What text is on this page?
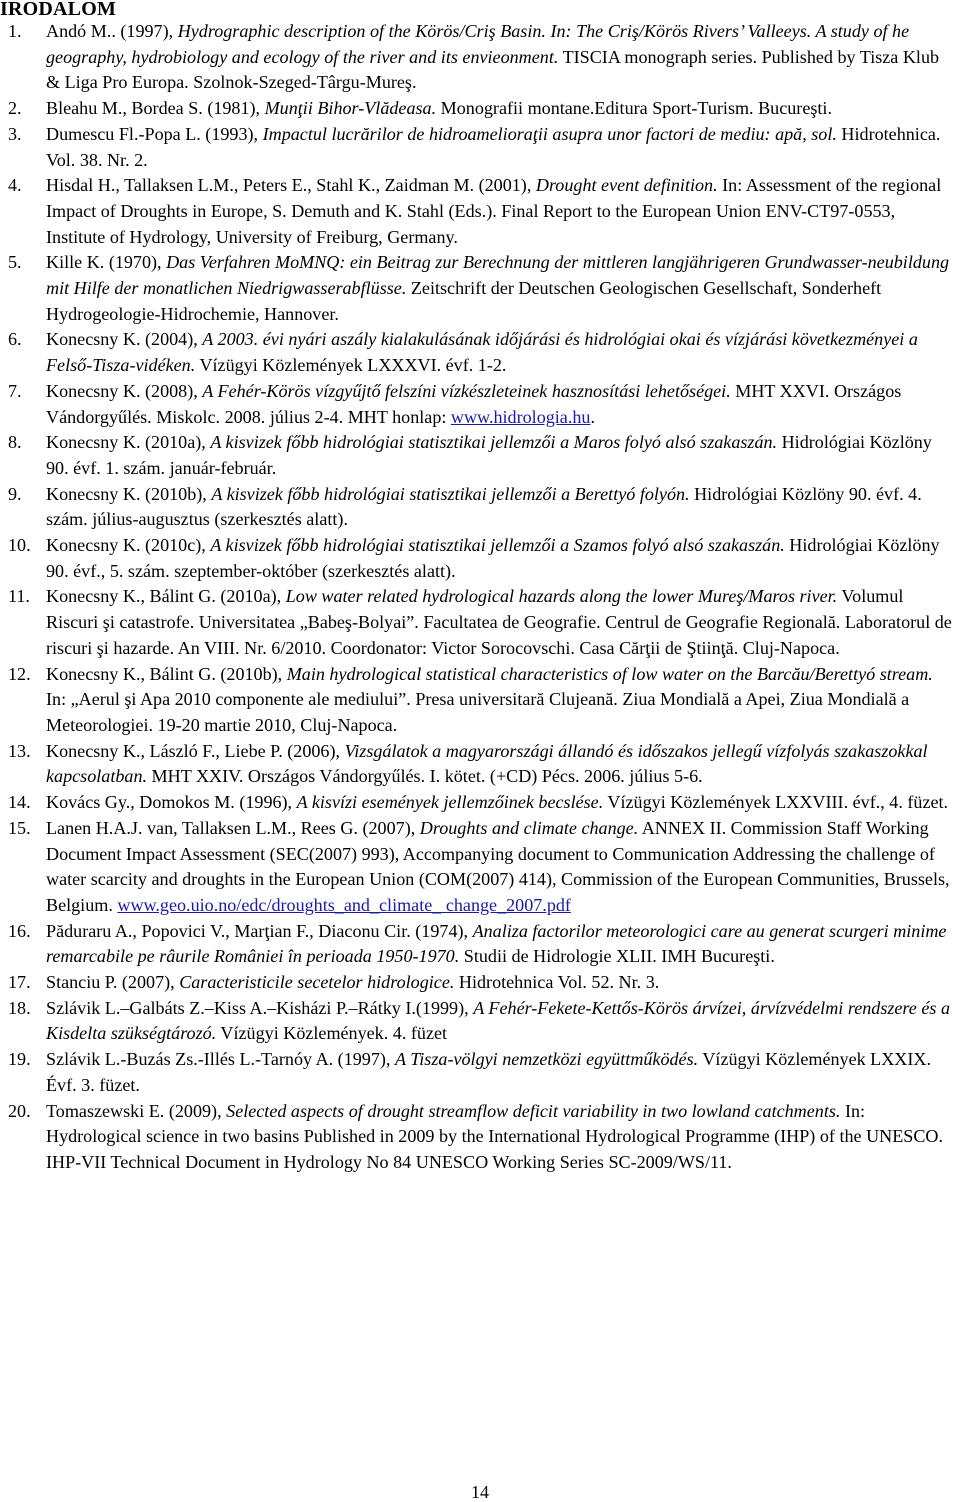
IRODALOM
1. Andó M.. (1997), Hydrographic description of the Körös/Criş Basin. In: The Criş/Körös Rivers’ Valleeys. A study of he geography, hydrobiology and ecology of the river and its envieonment. TISCIA monograph series. Published by Tisza Klub & Liga Pro Europa. Szolnok-Szeged-Târgu-Mureş.
2. Bleahu M., Bordea S. (1981), Munţii Bihor-Vlădeasa. Monografii montane.Editura Sport-Turism. Bucureşti.
3. Dumescu Fl.-Popa L. (1993), Impactul lucrărilor de hidroamelioraţii asupra unor factori de mediu: apă, sol. Hidrotehnica. Vol. 38. Nr. 2.
4. Hisdal H., Tallaksen L.M., Peters E., Stahl K., Zaidman M. (2001), Drought event definition. In: Assessment of the regional Impact of Droughts in Europe, S. Demuth and K. Stahl (Eds.). Final Report to the European Union ENV-CT97-0553, Institute of Hydrology, University of Freiburg, Germany.
5. Kille K. (1970), Das Verfahren MoMNQ: ein Beitrag zur Berechnung der mittleren langjährigeren Grundwasser-neubildung mit Hilfe der monatlichen Niedrigwasserabflüsse. Zeitschrift der Deutschen Geologischen Gesellschaft, Sonderheft Hydrogeologie-Hidrochemie, Hannover.
6. Konecsny K. (2004), A 2003. évi nyári aszály kialakulásának időjárási és hidrológiai okai és vízjárási következményei a Felső-Tisza-vidéken. Vízügyi Közlemények LXXXVI. évf. 1-2.
7. Konecsny K. (2008), A Fehér-Körös vízgyűjtő felszíni vízkészleteinek hasznosítási lehetőségei. MHT XXVI. Országos Vándorgyűlés. Miskolc. 2008. július 2-4. MHT honlap: www.hidrologia.hu.
8. Konecsny K. (2010a), A kisvizek főbb hidrológiai statisztikai jellemzői a Maros folyó alsó szakaszán. Hidrológiai Közlöny 90. évf. 1. szám. január-február.
9. Konecsny K. (2010b), A kisvizek főbb hidrológiai statisztikai jellemzői a Berettyó folyón. Hidrológiai Közlöny 90. évf. 4. szám. július-augusztus (szerkesztés alatt).
10. Konecsny K. (2010c), A kisvizek főbb hidrológiai statisztikai jellemzői a Szamos folyó alsó szakaszán. Hidrológiai Közlöny 90. évf., 5. szám. szeptember-október (szerkesztés alatt).
11. Konecsny K., Bálint G. (2010a), Low water related hydrological hazards along the lower Mureş/Maros river. Volumul Riscuri şi catastrofe. Universitatea „Babeş-Bolyai”. Facultatea de Geografie. Centrul de Geografie Regională. Laboratorul de riscuri şi hazarde. An VIII. Nr. 6/2010. Coordonator: Victor Sorocovschi. Casa Cărţii de Ştiinţă. Cluj-Napoca.
12. Konecsny K., Bálint G. (2010b), Main hydrological statistical characteristics of low water on the Barcău/Berettyó stream. In: „Aerul şi Apa 2010 componente ale mediului”. Presa universitară Clujeană. Ziua Mondială a Apei, Ziua Mondială a Meteorologiei. 19-20 martie 2010, Cluj-Napoca.
13. Konecsny K., László F., Liebe P. (2006), Vizsgálatok a magyarországi állandó és időszakos jellegű vízfolyás szakaszokkal kapcsolatban. MHT XXIV. Országos Vándorgyűlés. I. kötet. (+CD) Pécs. 2006. július 5-6.
14. Kovács Gy., Domokos M. (1996), A kisvízi események jellemzőinek becslése. Vízügyi Közlemények LXXVIII. évf., 4. füzet.
15. Lanen H.A.J. van, Tallaksen L.M., Rees G. (2007), Droughts and climate change. ANNEX II. Commission Staff Working Document Impact Assessment (SEC(2007) 993), Accompanying document to Communication Addressing the challenge of water scarcity and droughts in the European Union (COM(2007) 414), Commission of the European Communities, Brussels, Belgium. www.geo.uio.no/edc/droughts_and_climate_ change_2007.pdf
16. Păduraru A., Popovici V., Marţian F., Diaconu Cir. (1974), Analiza factorilor meteorologici care au generat scurgeri minime remarcabile pe râurile României în perioada 1950-1970. Studii de Hidrologie XLII. IMH Bucureşti.
17. Stanciu P. (2007), Caracteristicile secetelor hidrologice. Hidrotehnica Vol. 52. Nr. 3.
18. Szlávik L.–Galbáts Z.–Kiss A.–Kisházi P.–Rátky I.(1999), A Fehér-Fekete-Kettős-Körös árvízei, árvízvédelmi rendszere és a Kisdelta szükségtározó. Vízügyi Közlemények. 4. füzet
19. Szlávik L.-Buzás Zs.-Illés L.-Tarnóy A. (1997), A Tisza-völgyi nemzetközi együttműködés. Vízügyi Közlemények LXXIX. Évf. 3. füzet.
20. Tomaszewski E. (2009), Selected aspects of drought streamflow deficit variability in two lowland catchments. In: Hydrological science in two basins Published in 2009 by the International Hydrological Programme (IHP) of the UNESCO. IHP-VII Technical Document in Hydrology No 84 UNESCO Working Series SC-2009/WS/11.
14
